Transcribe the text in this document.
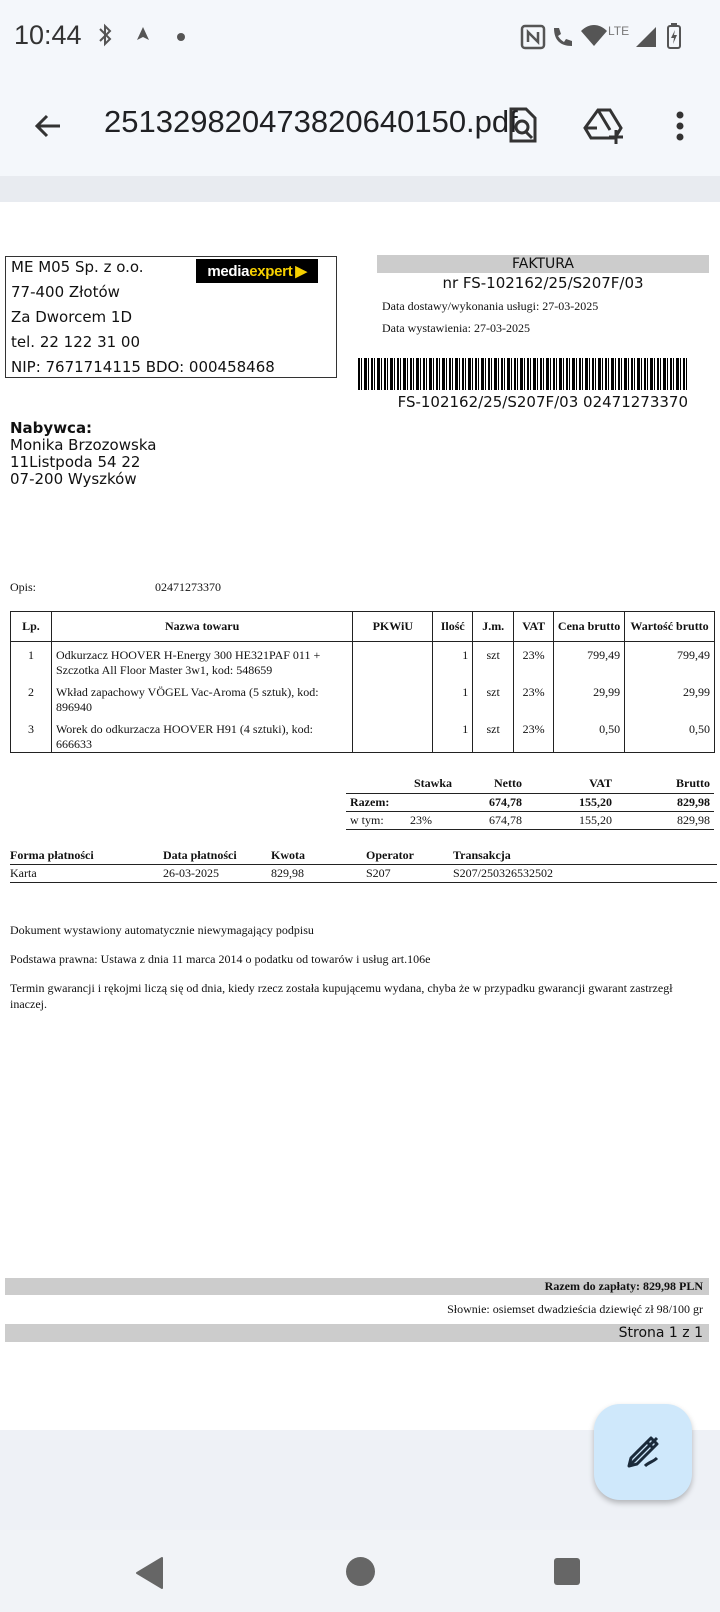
10:44	LTE
251329820473820640150.pdf
ME M05 Sp. z o.o.
77-400 Złotów
Za Dworcem 1D
tel. 22 122 31 00
NIP: 7671714115 BDO: 000458468
media expert ▶	FAKTURA
nr FS-102162/25/S207F/03
Data dostawy/wykonania usługi: 27-03-2025
Data wystawienia: 27-03-2025
FS-102162/25/S207F/03 02471273370
Nabywca:
Monika Brzozowska
11Listpoda 54 22
07-200 Wyszków
Opis:	02471273370
Lp.	Nazwa towaru	PKWiU	Ilość	J.m.	VAT	Cena brutto	Wartość brutto
1	Odkurzacz HOOVER H-Energy 300 HE321PAF 011 + Szczotka All Floor Master 3w1, kod: 548659		1	szt	23%	799,49	799,49
2	Wkład zapachowy VÖGEL Vac-Aroma (5 sztuk), kod: 896940		1	szt	23%	29,99	29,99
3	Worek do odkurzacza HOOVER H91 (4 sztuki), kod: 666633		1	szt	23%	0,50	0,50
	Stawka	Netto	VAT	Brutto
Razem:		674,78	155,20	829,98
w tym:	23%	674,78	155,20	829,98
Forma płatności	Data płatności	Kwota	Operator	Transakcja
Karta	26-03-2025	829,98	S207	S207/250326532502
Dokument wystawiony automatycznie niewymagający podpisu
Podstawa prawna: Ustawa z dnia 11 marca 2014 o podatku od towarów i usług art.106e
Termin gwarancji i rękojmi liczą się od dnia, kiedy rzecz została kupującemu wydana, chyba że w przypadku gwarancji gwarant zastrzegł inaczej.
Razem do zapłaty: 829,98 PLN
Słownie: osiemset dwadzieścia dziewięć zł 98/100 gr
Strona 1 z 1
